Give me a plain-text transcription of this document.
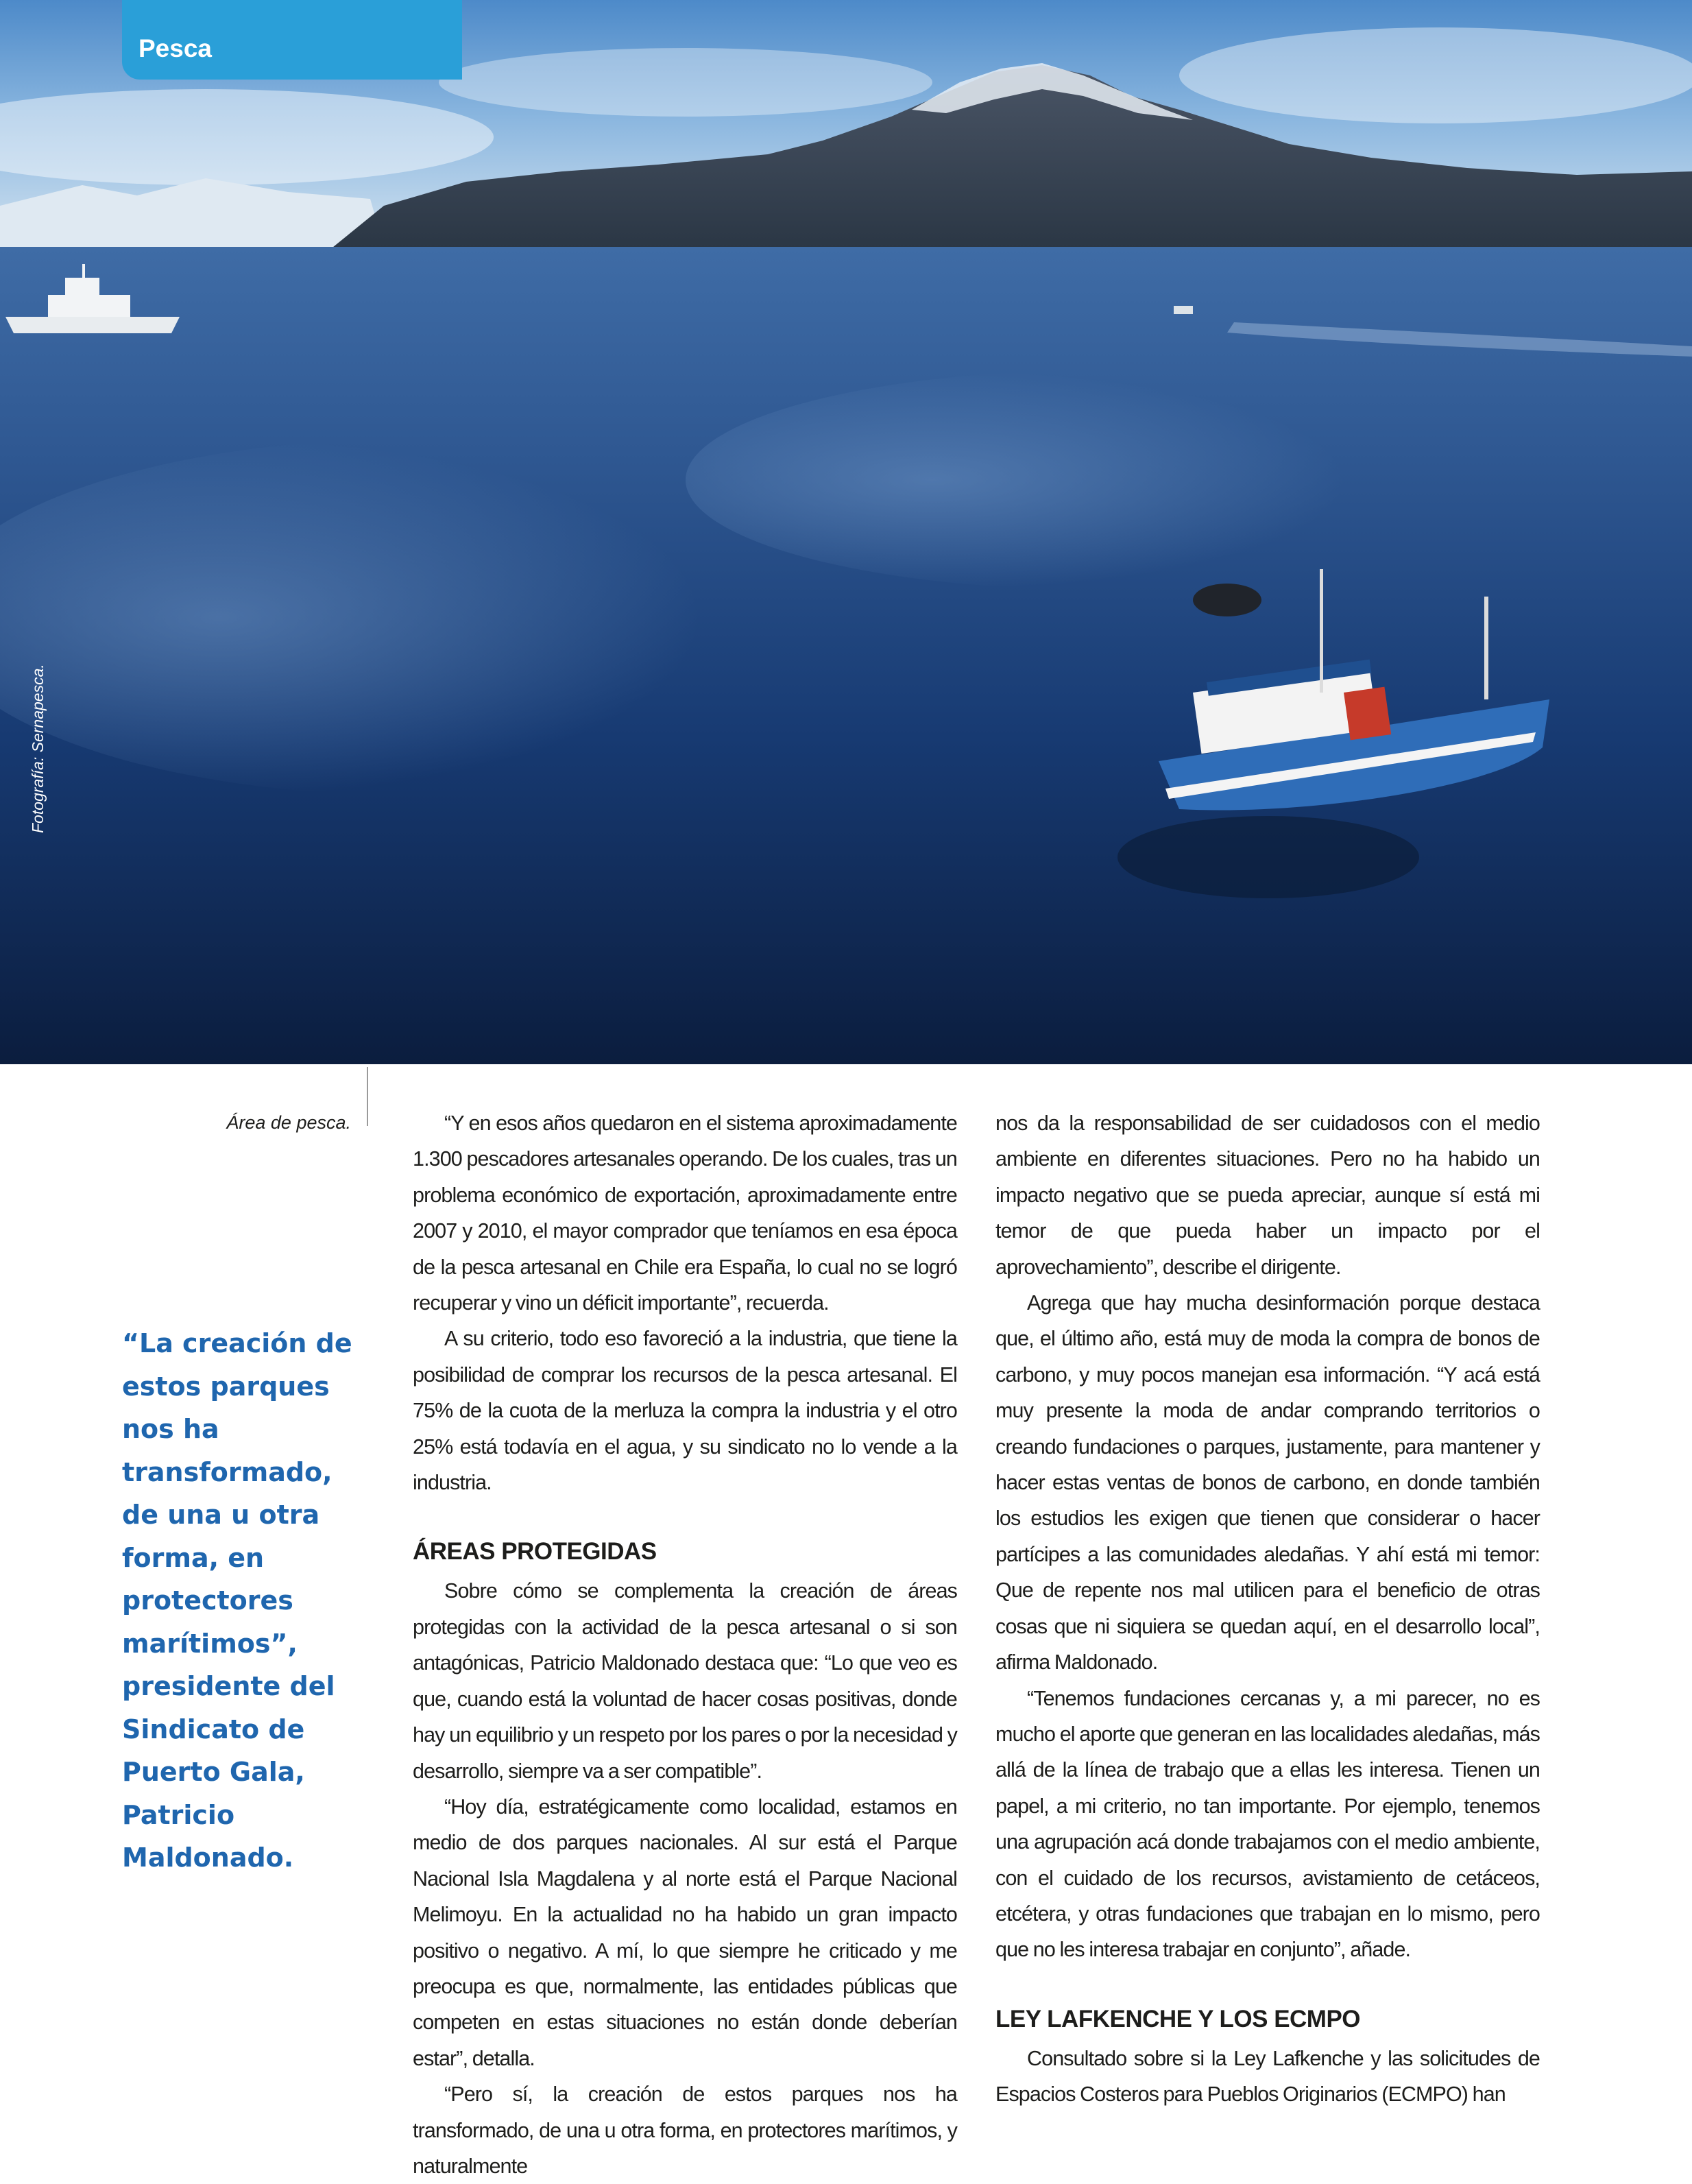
Pesca
Fotografía: Sernapesca.
Área de pesca.

“La creación de estos parques nos ha transformado, de una u otra forma, en protectores marítimos”, presidente del Sindicato de Puerto Gala, Patricio Maldonado.

“Y en esos años quedaron en el sistema aproximadamente 1.300 pescadores artesanales operando. De los cuales, tras un problema económico de exportación, aproximadamente entre 2007 y 2010, el mayor comprador que teníamos en esa época de la pesca artesanal en Chile era España, lo cual no se logró recuperar y vino un déficit importante”, recuerda.

A su criterio, todo eso favoreció a la industria, que tiene la posibilidad de comprar los recursos de la pesca artesanal. El 75% de la cuota de la merluza la compra la industria y el otro 25% está todavía en el agua, y su sindicato no lo vende a la industria.

ÁREAS PROTEGIDAS

Sobre cómo se complementa la creación de áreas protegidas con la actividad de la pesca artesanal o si son antagónicas, Patricio Maldonado destaca que: “Lo que veo es que, cuando está la voluntad de hacer cosas positivas, donde hay un equilibrio y un respeto por los pares o por la necesidad y desarrollo, siempre va a ser compatible”.

“Hoy día, estratégicamente como localidad, estamos en medio de dos parques nacionales. Al sur está el Parque Nacional Isla Magdalena y al norte está el Parque Nacional Melimoyu. En la actualidad no ha habido un gran impacto positivo o negativo. A mí, lo que siempre he criticado y me preocupa es que, normalmente, las entidades públicas que competen en estas situaciones no están donde deberían estar”, detalla.

“Pero sí, la creación de estos parques nos ha transformado, de una u otra forma, en protectores marítimos, y naturalmente

nos da la responsabilidad de ser cuidadosos con el medio ambiente en diferentes situaciones. Pero no ha habido un impacto negativo que se pueda apreciar, aunque sí está mi temor de que pueda haber un impacto por el aprovechamiento”, describe el dirigente.

Agrega que hay mucha desinformación porque destaca que, el último año, está muy de moda la compra de bonos de carbono, y muy pocos manejan esa información. “Y acá está muy presente la moda de andar comprando territorios o creando fundaciones o parques, justamente, para mantener y hacer estas ventas de bonos de carbono, en donde también los estudios les exigen que tienen que considerar o hacer partícipes a las comunidades aledañas. Y ahí está mi temor: Que de repente nos mal utilicen para el beneficio de otras cosas que ni siquiera se quedan aquí, en el desarrollo local”, afirma Maldonado.

“Tenemos fundaciones cercanas y, a mi parecer, no es mucho el aporte que generan en las localidades aledañas, más allá de la línea de trabajo que a ellas les interesa. Tienen un papel, a mi criterio, no tan importante. Por ejemplo, tenemos una agrupación acá donde trabajamos con el medio ambiente, con el cuidado de los recursos, avistamiento de cetáceos, etcétera, y otras fundaciones que trabajan en lo mismo, pero que no les interesa trabajar en conjunto”, añade.

LEY LAFKENCHE Y LOS ECMPO

Consultado sobre si la Ley Lafkenche y las solicitudes de Espacios Costeros para Pueblos Originarios (ECMPO) han
